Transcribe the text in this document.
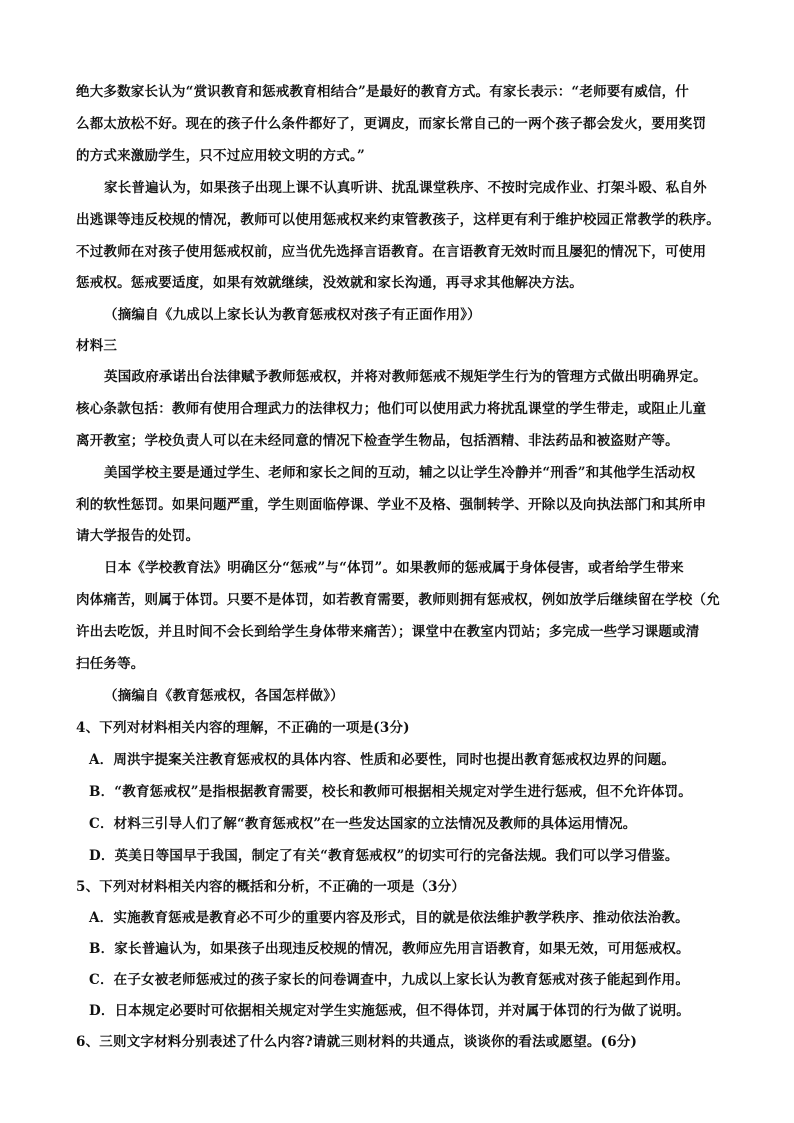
绝大多数家长认为“赏识教育和惩戒教育相结合”是最好的教育方式。有家长表示：“老师要有威信，什
么都太放松不好。现在的孩子什么条件都好了，更调皮，而家长常自己的一两个孩子都会发火，要用奖罚
的方式来激励学生，只不过应用较文明的方式。”
家长普遍认为，如果孩子出现上课不认真听讲、扰乱课堂秩序、不按时完成作业、打架斗殴、私自外
出逃课等违反校规的情况，教师可以使用惩戒权来约束管教孩子，这样更有利于维护校园正常教学的秩序。
不过教师在对孩子使用惩戒权前，应当优先选择言语教育。在言语教育无效时而且屡犯的情况下，可使用
惩戒权。惩戒要适度，如果有效就继续，没效就和家长沟通，再寻求其他解决方法。
（摘编自《九成以上家长认为教育惩戒权对孩子有正面作用》）
材料三
英国政府承诺出台法律赋予教师惩戒权，并将对教师惩戒不规矩学生行为的管理方式做出明确界定。
核心条款包括：教师有使用合理武力的法律权力；他们可以使用武力将扰乱课堂的学生带走，或阻止儿童
离开教室；学校负责人可以在未经同意的情况下检查学生物品，包括酒精、非法药品和被盗财产等。
美国学校主要是通过学生、老师和家长之间的互动，辅之以让学生冷静并“刑香”和其他学生活动权
利的软性惩罚。如果问题严重，学生则面临停课、学业不及格、强制转学、开除以及向执法部门和其所申
请大学报告的处罚。
日本《学校教育法》明确区分“惩戒”与“体罚”。如果教师的惩戒属于身体侵害，或者给学生带来
肉体痛苦，则属于体罚。只要不是体罚，如若教育需要，教师则拥有惩戒权，例如放学后继续留在学校（允
许出去吃饭，并且时间不会长到给学生身体带来痛苦）；课堂中在教室内罚站；多完成一些学习课题或清
扫任务等。
（摘编自《教育惩戒权，各国怎样做》）
4、下列对材料相关内容的理解，不正确的一项是(3分)
A．周洪宇提案关注教育惩戒权的具体内容、性质和必要性，同时也提出教育惩戒权边界的问题。
B．“教育惩戒权”是指根据教育需要，校长和教师可根据相关规定对学生进行惩戒，但不允许体罚。
C．材料三引导人们了解“教育惩戒权”在一些发达国家的立法情况及教师的具体运用情况。
D．英美日等国早于我国，制定了有关“教育惩戒权”的切实可行的完备法规。我们可以学习借鉴。
5、下列对材料相关内容的概括和分析，不正确的一项是（3分）
A．实施教育惩戒是教育必不可少的重要内容及形式，目的就是依法维护教学秩序、推动依法治教。
B．家长普遍认为，如果孩子出现违反校规的情况，教师应先用言语教育，如果无效，可用惩戒权。
C．在子女被老师惩戒过的孩子家长的问卷调查中，九成以上家长认为教育惩戒对孩子能起到作用。
D．日本规定必要时可依据相关规定对学生实施惩戒，但不得体罚，并对属于体罚的行为做了说明。
6、三则文字材料分别表述了什么内容?请就三则材料的共通点，谈谈你的看法或愿望。(6分)
